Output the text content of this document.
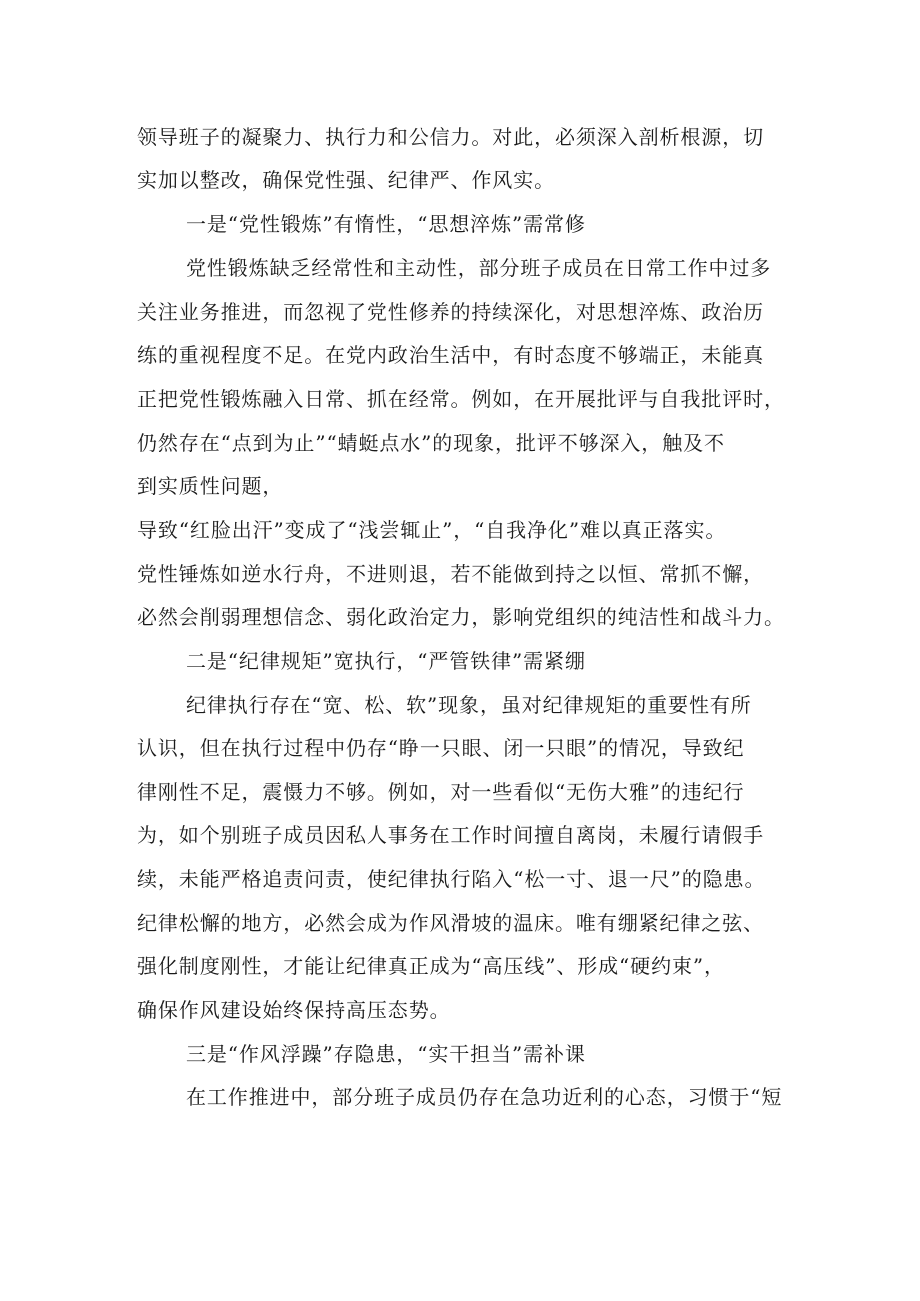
领导班子的凝聚力、执行力和公信力。对此，必须深入剖析根源，切
实加以整改，确保党性强、纪律严、作风实。
一是“党性锻炼”有惰性，“思想淬炼”需常修
党性锻炼缺乏经常性和主动性，部分班子成员在日常工作中过多
关注业务推进，而忽视了党性修养的持续深化，对思想淬炼、政治历
练的重视程度不足。在党内政治生活中，有时态度不够端正，未能真
正把党性锻炼融入日常、抓在经常。例如，在开展批评与自我批评时，
仍然存在“点到为止”“蜻蜓点水”的现象，批评不够深入，触及不
到实质性问题，
导致“红脸出汗”变成了“浅尝辄止”，“自我净化”难以真正落实。
党性锤炼如逆水行舟，不进则退，若不能做到持之以恒、常抓不懈，
必然会削弱理想信念、弱化政治定力，影响党组织的纯洁性和战斗力。
二是“纪律规矩”宽执行，“严管铁律”需紧绷
纪律执行存在“宽、松、软”现象，虽对纪律规矩的重要性有所
认识，但在执行过程中仍存“睁一只眼、闭一只眼”的情况，导致纪
律刚性不足，震慑力不够。例如，对一些看似“无伤大雅”的违纪行
为，如个别班子成员因私人事务在工作时间擅自离岗，未履行请假手
续，未能严格追责问责，使纪律执行陷入“松一寸、退一尺”的隐患。
纪律松懈的地方，必然会成为作风滑坡的温床。唯有绷紧纪律之弦、
强化制度刚性，才能让纪律真正成为“高压线”、形成“硬约束”，
确保作风建设始终保持高压态势。
三是“作风浮躁”存隐患，“实干担当”需补课
在工作推进中，部分班子成员仍存在急功近利的心态，习惯于“短
